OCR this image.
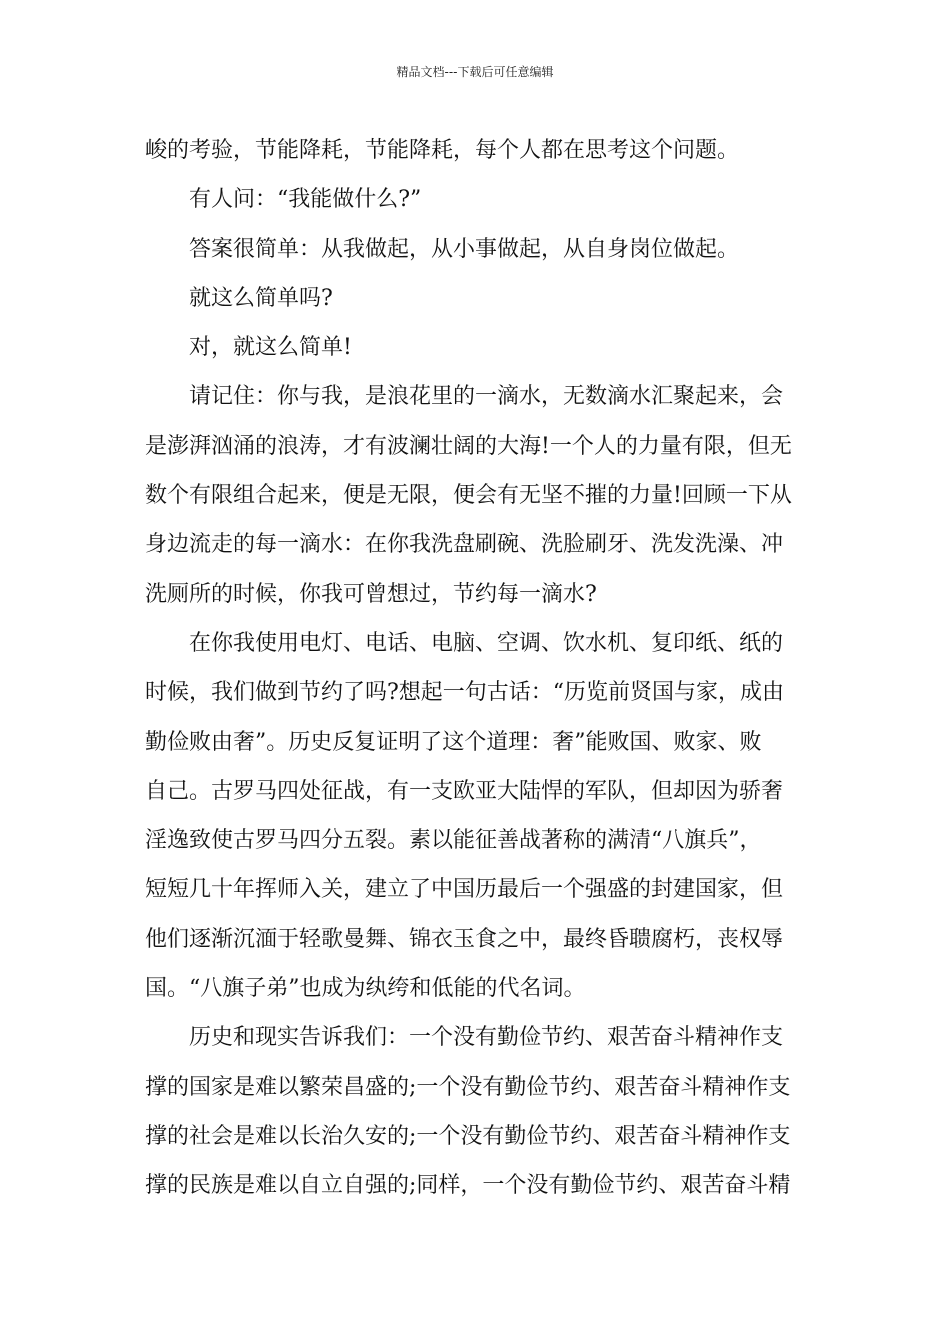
精品文档---下载后可任意编辑
峻的考验，节能降耗，节能降耗，每个人都在思考这个问题。
有人问：“我能做什么?”
答案很简单：从我做起，从小事做起，从自身岗位做起。
就这么简单吗?
对，就这么简单!
请记住：你与我，是浪花里的一滴水，无数滴水汇聚起来，会
是澎湃汹涌的浪涛，才有波澜壮阔的大海!一个人的力量有限，但无
数个有限组合起来，便是无限，便会有无坚不摧的力量!回顾一下从
身边流走的每一滴水：在你我洗盘刷碗、洗脸刷牙、洗发洗澡、冲
洗厕所的时候，你我可曾想过，节约每一滴水?
在你我使用电灯、电话、电脑、空调、饮水机、复印纸、纸的
时候，我们做到节约了吗?想起一句古话：“历览前贤国与家，成由
勤俭败由奢”。历史反复证明了这个道理：奢”能败国、败家、败
自己。古罗马四处征战，有一支欧亚大陆悍的军队，但却因为骄奢
淫逸致使古罗马四分五裂。素以能征善战著称的满清“八旗兵”，
短短几十年挥师入关，建立了中国历最后一个强盛的封建国家，但
他们逐渐沉湎于轻歌曼舞、锦衣玉食之中，最终昏聩腐朽，丧权辱
国。“八旗子弟”也成为纨绔和低能的代名词。
历史和现实告诉我们：一个没有勤俭节约、艰苦奋斗精神作支
撑的国家是难以繁荣昌盛的;一个没有勤俭节约、艰苦奋斗精神作支
撑的社会是难以长治久安的;一个没有勤俭节约、艰苦奋斗精神作支
撑的民族是难以自立自强的;同样，一个没有勤俭节约、艰苦奋斗精
